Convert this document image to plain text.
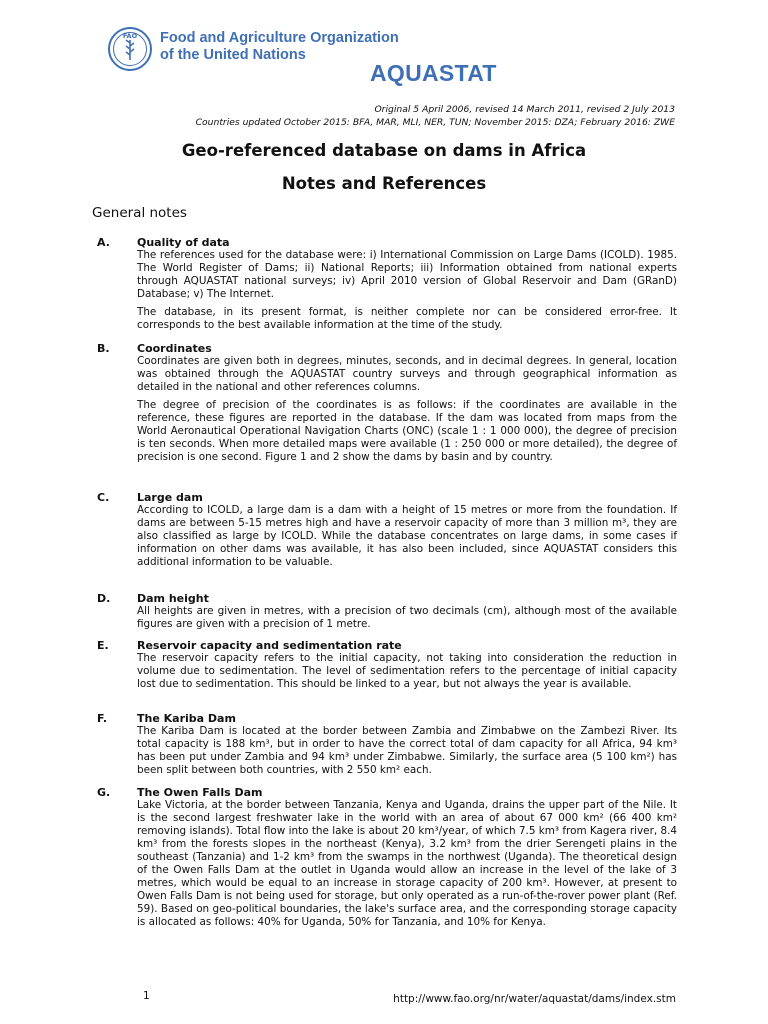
FAO Food and Agriculture Organization
of the United Nations
AQUASTAT
Original 5 April 2006, revised 14 March 2011, revised 2 July 2013
Countries updated October 2015: BFA, MAR, MLI, NER, TUN; November 2015: DZA; February 2016: ZWE
Geo-referenced database on dams in Africa
Notes and References
General notes
A. Quality of data

The references used for the database were: i) International Commission on Large Dams (ICOLD). 1985. The World Register of Dams; ii) National Reports; iii) Information obtained from national experts through AQUASTAT national surveys; iv) April 2010 version of Global Reservoir and Dam (GRanD) Database; v) The Internet.

The database, in its present format, is neither complete nor can be considered error-free. It corresponds to the best available information at the time of the study.

B. Coordinates

Coordinates are given both in degrees, minutes, seconds, and in decimal degrees. In general, location was obtained through the AQUASTAT country surveys and through geographical information as detailed in the national and other references columns.

The degree of precision of the coordinates is as follows: if the coordinates are available in the reference, these figures are reported in the database. If the dam was located from maps from the World Aeronautical Operational Navigation Charts (ONC) (scale 1 : 1 000 000), the degree of precision is ten seconds. When more detailed maps were available (1 : 250 000 or more detailed), the degree of precision is one second. Figure 1 and 2 show the dams by basin and by country.

C.	Large dam

According to ICOLD, a large dam is a dam with a height of 15 metres or more from the foundation. If dams are between 5-15 metres high and have a reservoir capacity of more than 3 million m³, they are also classified as large by ICOLD. While the database concentrates on large dams, in some cases if information on other dams was available, it has also been included, since AQUASTAT considers this additional information to be valuable.

D. Dam height

All heights are given in metres, with a precision of two decimals (cm), although most of the available figures are given with a precision of 1 metre.

E.	Reservoir capacity and sedimentation rate

The reservoir capacity refers to the initial capacity, not taking into consideration the reduction in volume due to sedimentation. The level of sedimentation refers to the percentage of initial capacity lost due to sedimentation. This should be linked to a year, but not always the year is available.

F.	The Kariba Dam

The Kariba Dam is located at the border between Zambia and Zimbabwe on the Zambezi River. Its total capacity is 188 km³, but in order to have the correct total of dam capacity for all Africa, 94 km³ has been put under Zambia and 94 km³ under Zimbabwe. Similarly, the surface area (5 100 km²) has been split between both countries, with 2 550 km² each.

G. The Owen Falls Dam

Lake Victoria, at the border between Tanzania, Kenya and Uganda, drains the upper part of the Nile. It is the second largest freshwater lake in the world with an area of about 67 000 km² (66 400 km² removing islands). Total flow into the lake is about 20 km³/year, of which 7.5 km³ from Kagera river, 8.4 km³ from the forests slopes in the northeast (Kenya), 3.2 km³ from the drier Serengeti plains in the southeast (Tanzania) and 1-2 km³ from the swamps in the northwest (Uganda). The theoretical design of the Owen Falls Dam at the outlet in Uganda would allow an increase in the level of the lake of 3 metres, which would be equal to an increase in storage capacity of 200 km³. However, at present to Owen Falls Dam is not being used for storage, but only operated as a run-of-the-rover power plant (Ref. 59). Based on geo-political boundaries, the lake's surface area, and the corresponding storage capacity is allocated as follows: 40% for Uganda, 50% for Tanzania, and 10% for Kenya.

1	http://www.fao.org/nr/water/aquastat/dams/index.stm
